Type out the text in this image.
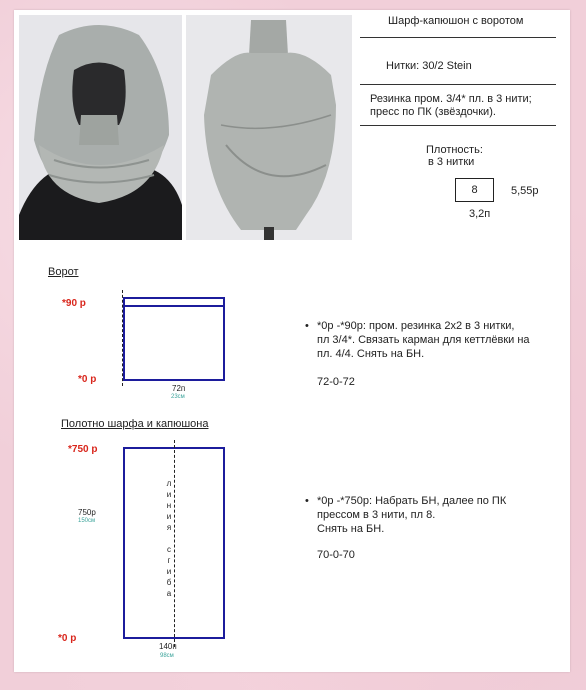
Шарф-капюшон с воротом
Нитки: 30/2 Stein
Резинка пром. 3/4* пл. в 3 нити;
пресс по ПК (звёздочки).
Плотность:
в 3 нитки
8	5,55р
3,2п
Ворот
*90 р
*0 р
72п
23см
• *0р -*90р: пром. резинка 2х2 в 3 нитки,
пл 3/4*. Связать карман для кеттлёвки на
пл. 4/4. Снять на БН.
72-0-72
Полотно шарфа и капюшона
*750 р
*0 р
л
и
н
и
я
с
г
и
б
а
750р
150см
140п
98см
• *0р -*750р: Набрать БН, далее по ПК
прессом в 3 нити, пл 8.
Снять на БН.
70-0-70
